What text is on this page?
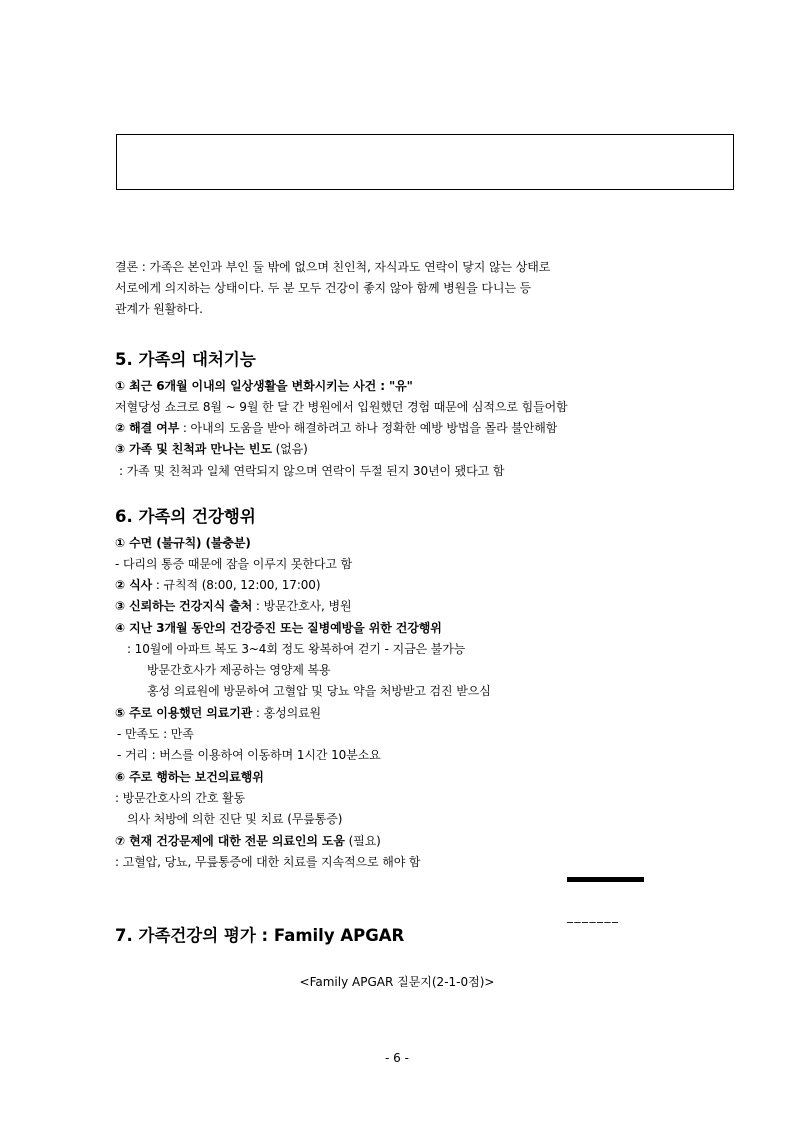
결론 : 가족은 본인과 부인 둘 밖에 없으며 친인척, 자식과도 연락이 닿지 않는 상태로
서로에게 의지하는 상태이다. 두 분 모두 건강이 좋지 않아 함께 병원을 다니는 등
관계가 원활하다.
5. 가족의 대처기능
① 최근 6개월 이내의 일상생활을 변화시키는 사건 : "유"
저혈당성 쇼크로 8월 ~ 9월 한 달 간 병원에서 입원했던 경험 때문에 심적으로 힘들어함
② 해결 여부 : 아내의 도움을 받아 해결하려고 하나 정확한 예방 방법을 몰라 불안해함
③ 가족 및 친척과 만나는 빈도 (없음)
: 가족 및 친척과 일체 연락되지 않으며 연락이 두절 된지 30년이 됐다고 함
6. 가족의 건강행위
① 수면 (불규칙) (불충분)
- 다리의 통증 때문에 잠을 이루지 못한다고 함
② 식사 : 규칙적 (8:00, 12:00, 17:00)
③ 신뢰하는 건강지식 출처 : 방문간호사, 병원
④ 지난 3개월 동안의 건강증진 또는 질병예방을 위한 건강행위
: 10월에 아파트 복도 3~4회 정도 왕복하여 걷기 - 지금은 불가능
방문간호사가 제공하는 영양제 복용
홍성 의료원에 방문하여 고혈압 및 당뇨 약을 처방받고 검진 받으심
⑤ 주로 이용했던 의료기관 : 홍성의료원
- 만족도 : 만족
- 거리 : 버스를 이용하여 이동하며 1시간 10분소요
⑥ 주로 행하는 보건의료행위
: 방문간호사의 간호 활동
의사 처방에 의한 진단 및 치료 (무릎통증)
⑦ 현재 건강문제에 대한 전문 의료인의 도움 (필요)
: 고혈압, 당뇨, 무릎통증에 대한 치료를 지속적으로 해야 함
_______
7. 가족건강의 평가 : Family APGAR
<Family APGAR 질문지(2-1-0점)>
- 6 -
